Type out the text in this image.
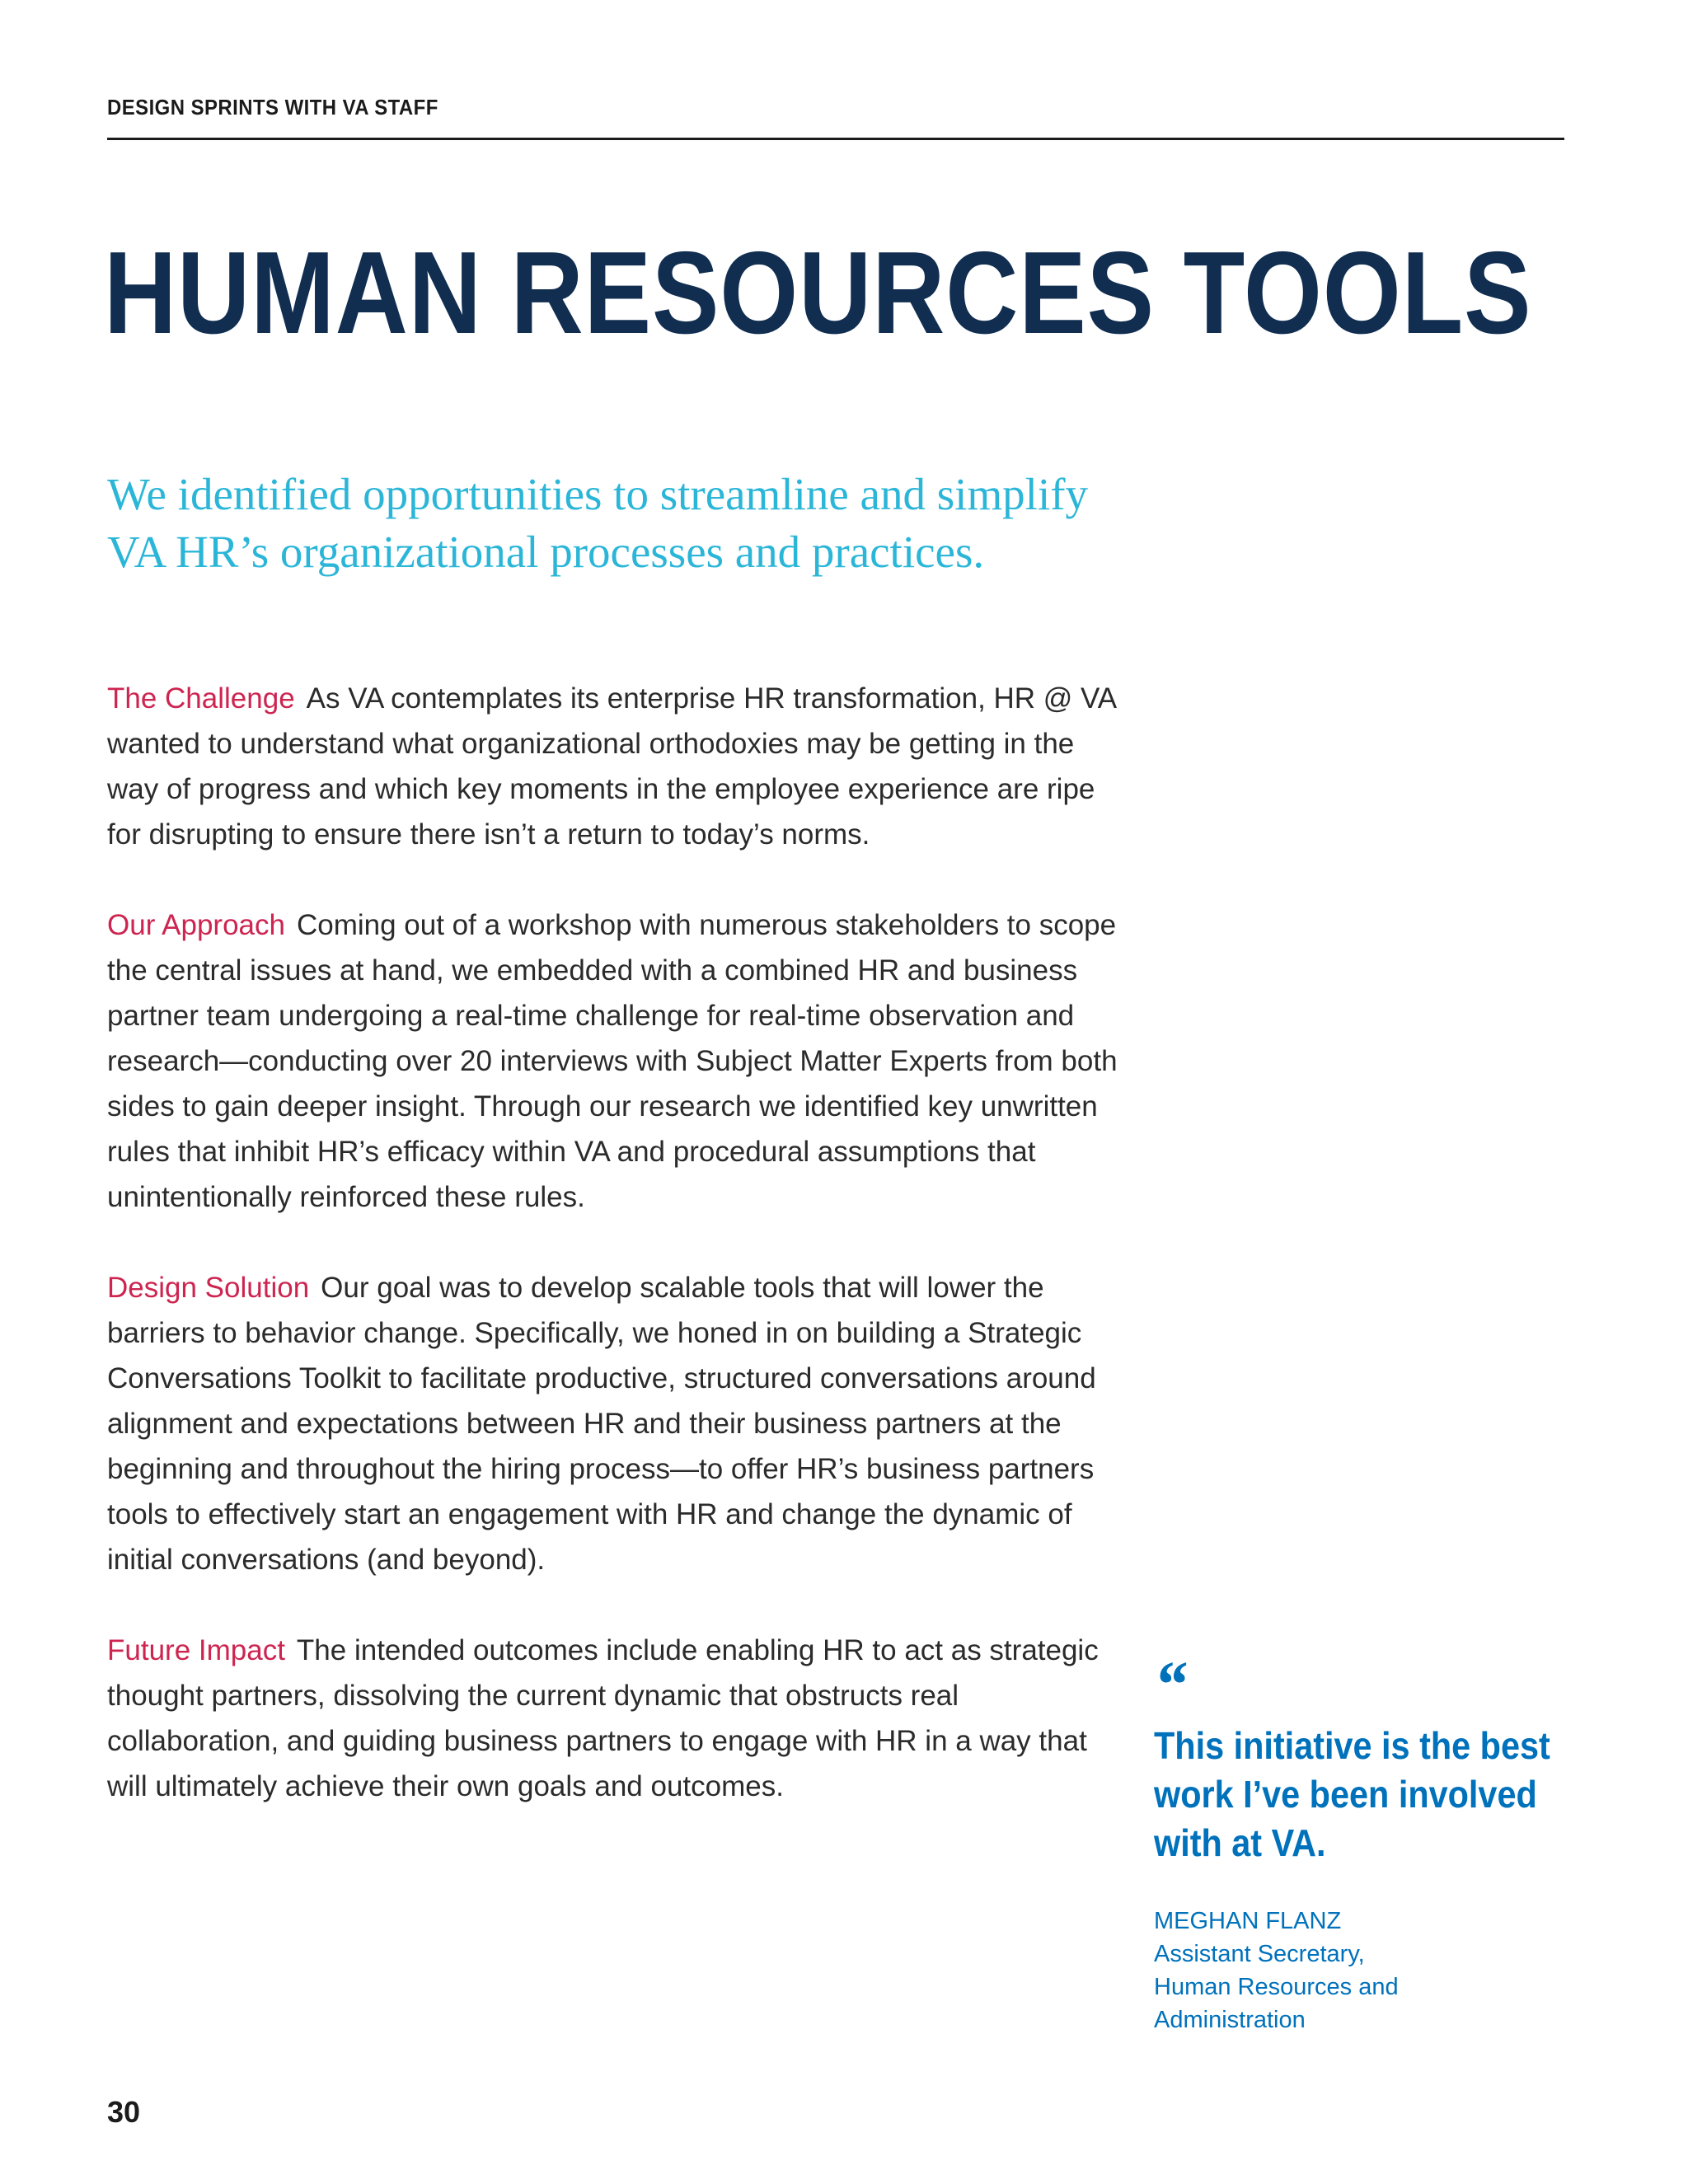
DESIGN SPRINTS WITH VA STAFF
HUMAN RESOURCES TOOLS
We identified opportunities to streamline and simplify VA HR’s organizational processes and practices.

The Challenge As VA contemplates its enterprise HR transformation, HR @ VA wanted to understand what organizational orthodoxies may be getting in the way of progress and which key moments in the employee experience are ripe for disrupting to ensure there isn’t a return to today’s norms.

Our Approach Coming out of a workshop with numerous stakeholders to scope the central issues at hand, we embedded with a combined HR and business partner team undergoing a real-time challenge for real-time observation and research—conducting over 20 interviews with Subject Matter Experts from both sides to gain deeper insight. Through our research we identified key unwritten rules that inhibit HR’s efficacy within VA and procedural assumptions that unintentionally reinforced these rules.

Design Solution Our goal was to develop scalable tools that will lower the barriers to behavior change. Specifically, we honed in on building a Strategic Conversations Toolkit to facilitate productive, structured conversations around alignment and expectations between HR and their business partners at the beginning and throughout the hiring process—to offer HR’s business partners tools to effectively start an engagement with HR and change the dynamic of initial conversations (and beyond).

Future Impact The intended outcomes include enabling HR to act as strategic thought partners, dissolving the current dynamic that obstructs real collaboration, and guiding business partners to engage with HR in a way that will ultimately achieve their own goals and outcomes.

“
This initiative is the best work I’ve been involved with at VA.
MEGHAN FLANZ
Assistant Secretary,
Human Resources and
Administration
30
